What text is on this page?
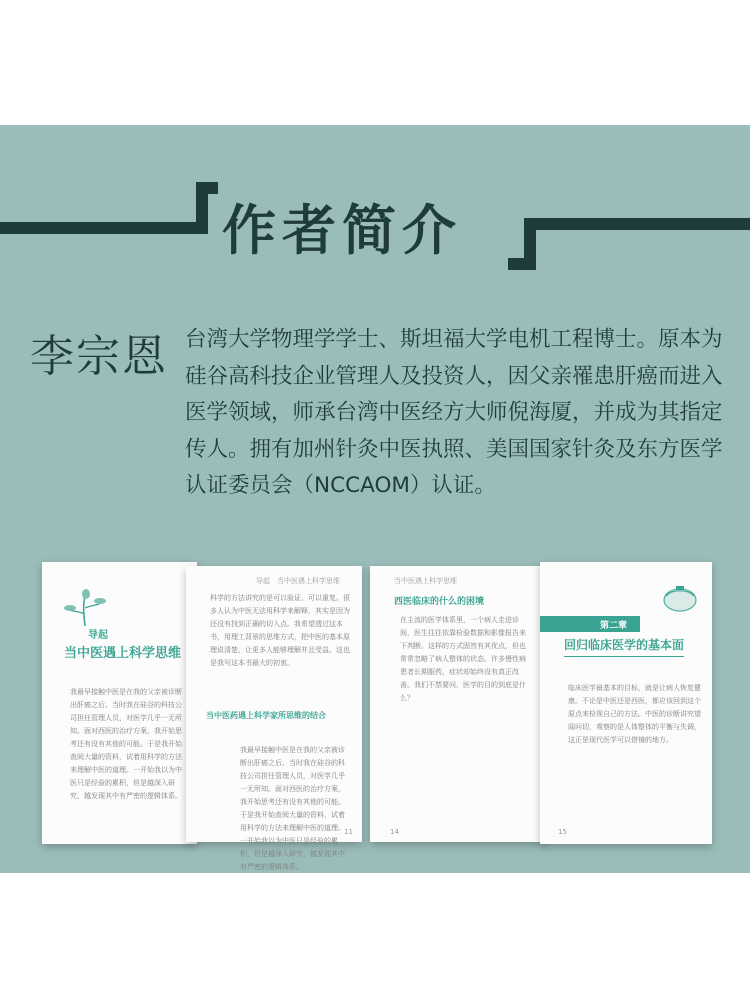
作者简介
李宗恩 台湾大学物理学学士、斯坦福大学电机工程博士。原本为硅谷高科技企业管理人及投资人，因父亲罹患肝癌而进入医学领域，师承台湾中医经方大师倪海厦，并成为其指定传人。拥有加州针灸中医执照、美国国家针灸及东方医学认证委员会（NCCAOM）认证。
导起
当中医遇上科学思维
我最早接触中医是在我的父亲被诊断出肝癌之后。当时我在硅谷的科技公司担任管理人员，对医学几乎一无所知。面对西医的治疗方案，我开始思考还有没有其他的可能。于是我开始查阅大量的资料，试着用科学的方法来理解中医的道理。一开始我以为中医只是经验的累积，但是越深入研究，越发现其中有严密的逻辑体系。
导起　当中医遇上科学思维
科学的方法讲究的是可以验证、可以重复。很多人认为中医无法用科学来解释，其实是因为还没有找到正确的切入点。我希望透过这本书，用理工背景的思维方式，把中医的基本原理说清楚，让更多人能够理解并且受益。这也是我写这本书最大的初衷。
当中医药遇上科学家所思维的结合
我最早接触中医是在我的父亲被诊断出肝癌之后。当时我在硅谷的科技公司担任管理人员，对医学几乎一无所知。面对西医的治疗方案，我开始思考还有没有其他的可能。于是我开始查阅大量的资料，试着用科学的方法来理解中医的道理。一开始我以为中医只是经验的累积，但是越深入研究，越发现其中有严密的逻辑体系。
11
当中医遇上科学思维
西医临床的什么的困境
在主流的医学体系里，一个病人走进诊间，医生往往依靠检验数据和影像报告来下判断。这样的方式固然有其优点，但也常常忽略了病人整体的状态。许多慢性病患者长期服药，症状却始终没有真正改善。我们不禁要问，医学的目的到底是什么？
14
第二章
回归临床医学的基本面
临床医学最基本的目标，就是让病人恢复健康。不论是中医还是西医，都应该回到这个原点来检视自己的方法。中医的诊断讲究望闻问切，观察的是人体整体的平衡与失调，这正是现代医学可以借镜的地方。
15
